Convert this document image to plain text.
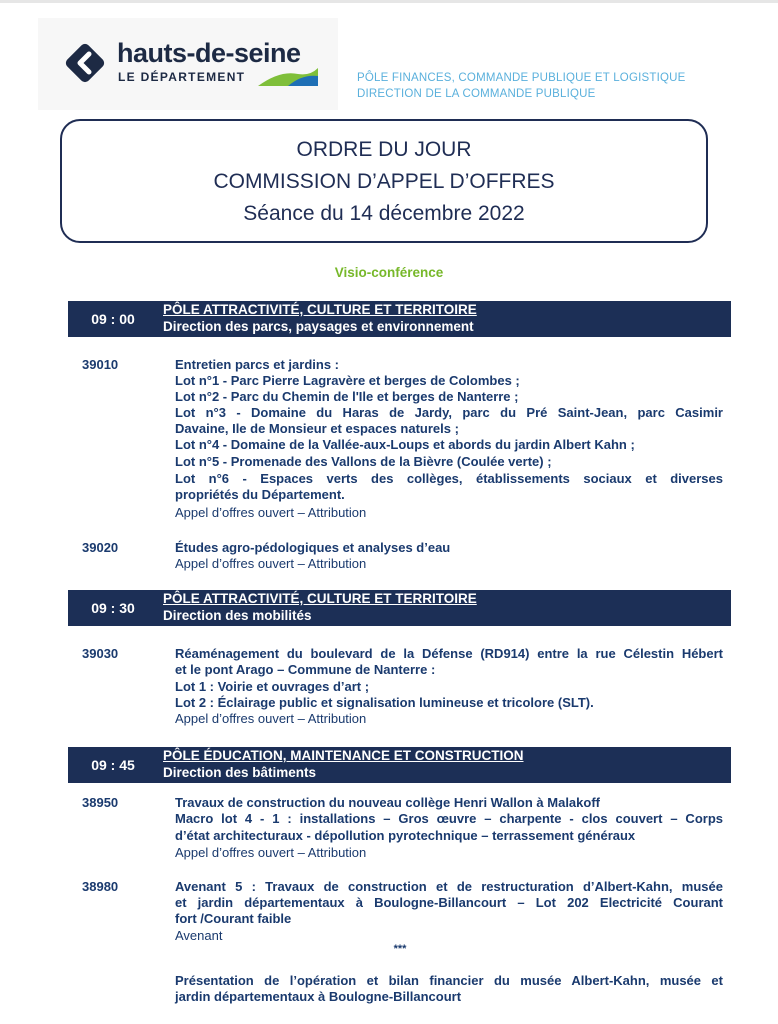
hauts-de-seine
LE DÉPARTEMENT	PÔLE FINANCES, COMMANDE PUBLIQUE ET LOGISTIQUE
DIRECTION DE LA COMMANDE PUBLIQUE
ORDRE DU JOUR
COMMISSION D’APPEL D’OFFRES
Séance du 14 décembre 2022
Visio-conférence
09 : 00
PÔLE ATTRACTIVITÉ, CULTURE ET TERRITOIRE
Direction des parcs, paysages et environnement
39010	Entretien parcs et jardins :
Lot n°1 - Parc Pierre Lagravère et berges de Colombes ;
Lot n°2 - Parc du Chemin de l'Ile et berges de Nanterre ;
Lot n°3 - Domaine du Haras de Jardy, parc du Pré Saint-Jean, parc Casimir
Davaine, Ile de Monsieur et espaces naturels ;
Lot n°4 - Domaine de la Vallée-aux-Loups et abords du jardin Albert Kahn ;
Lot n°5 - Promenade des Vallons de la Bièvre (Coulée verte) ;
Lot n°6 - Espaces verts des collèges, établissements sociaux et diverses
propriétés du Département.
Appel d’offres ouvert – Attribution
39020	Études agro-pédologiques et analyses d’eau
Appel d’offres ouvert – Attribution
09 : 30
PÔLE ATTRACTIVITÉ, CULTURE ET TERRITOIRE
Direction des mobilités
39030	Réaménagement du boulevard de la Défense (RD914) entre la rue Célestin Hébert
et le pont Arago – Commune de Nanterre :
Lot 1 : Voirie et ouvrages d’art ;
Lot 2 : Éclairage public et signalisation lumineuse et tricolore (SLT).
Appel d’offres ouvert – Attribution
09 : 45
PÔLE ÉDUCATION, MAINTENANCE ET CONSTRUCTION
Direction des bâtiments
38950	Travaux de construction du nouveau collège Henri Wallon à Malakoff
Macro lot 4 - 1 : installations – Gros œuvre – charpente - clos couvert – Corps
d’état architecturaux - dépollution pyrotechnique – terrassement généraux
Appel d’offres ouvert – Attribution
38980	Avenant 5 : Travaux de construction et de restructuration d’Albert-Kahn, musée
et jardin départementaux à Boulogne-Billancourt – Lot 202 Electricité Courant
fort /Courant faible
Avenant
***
Présentation de l’opération et bilan financier du musée Albert-Kahn, musée et
jardin départementaux à Boulogne-Billancourt
